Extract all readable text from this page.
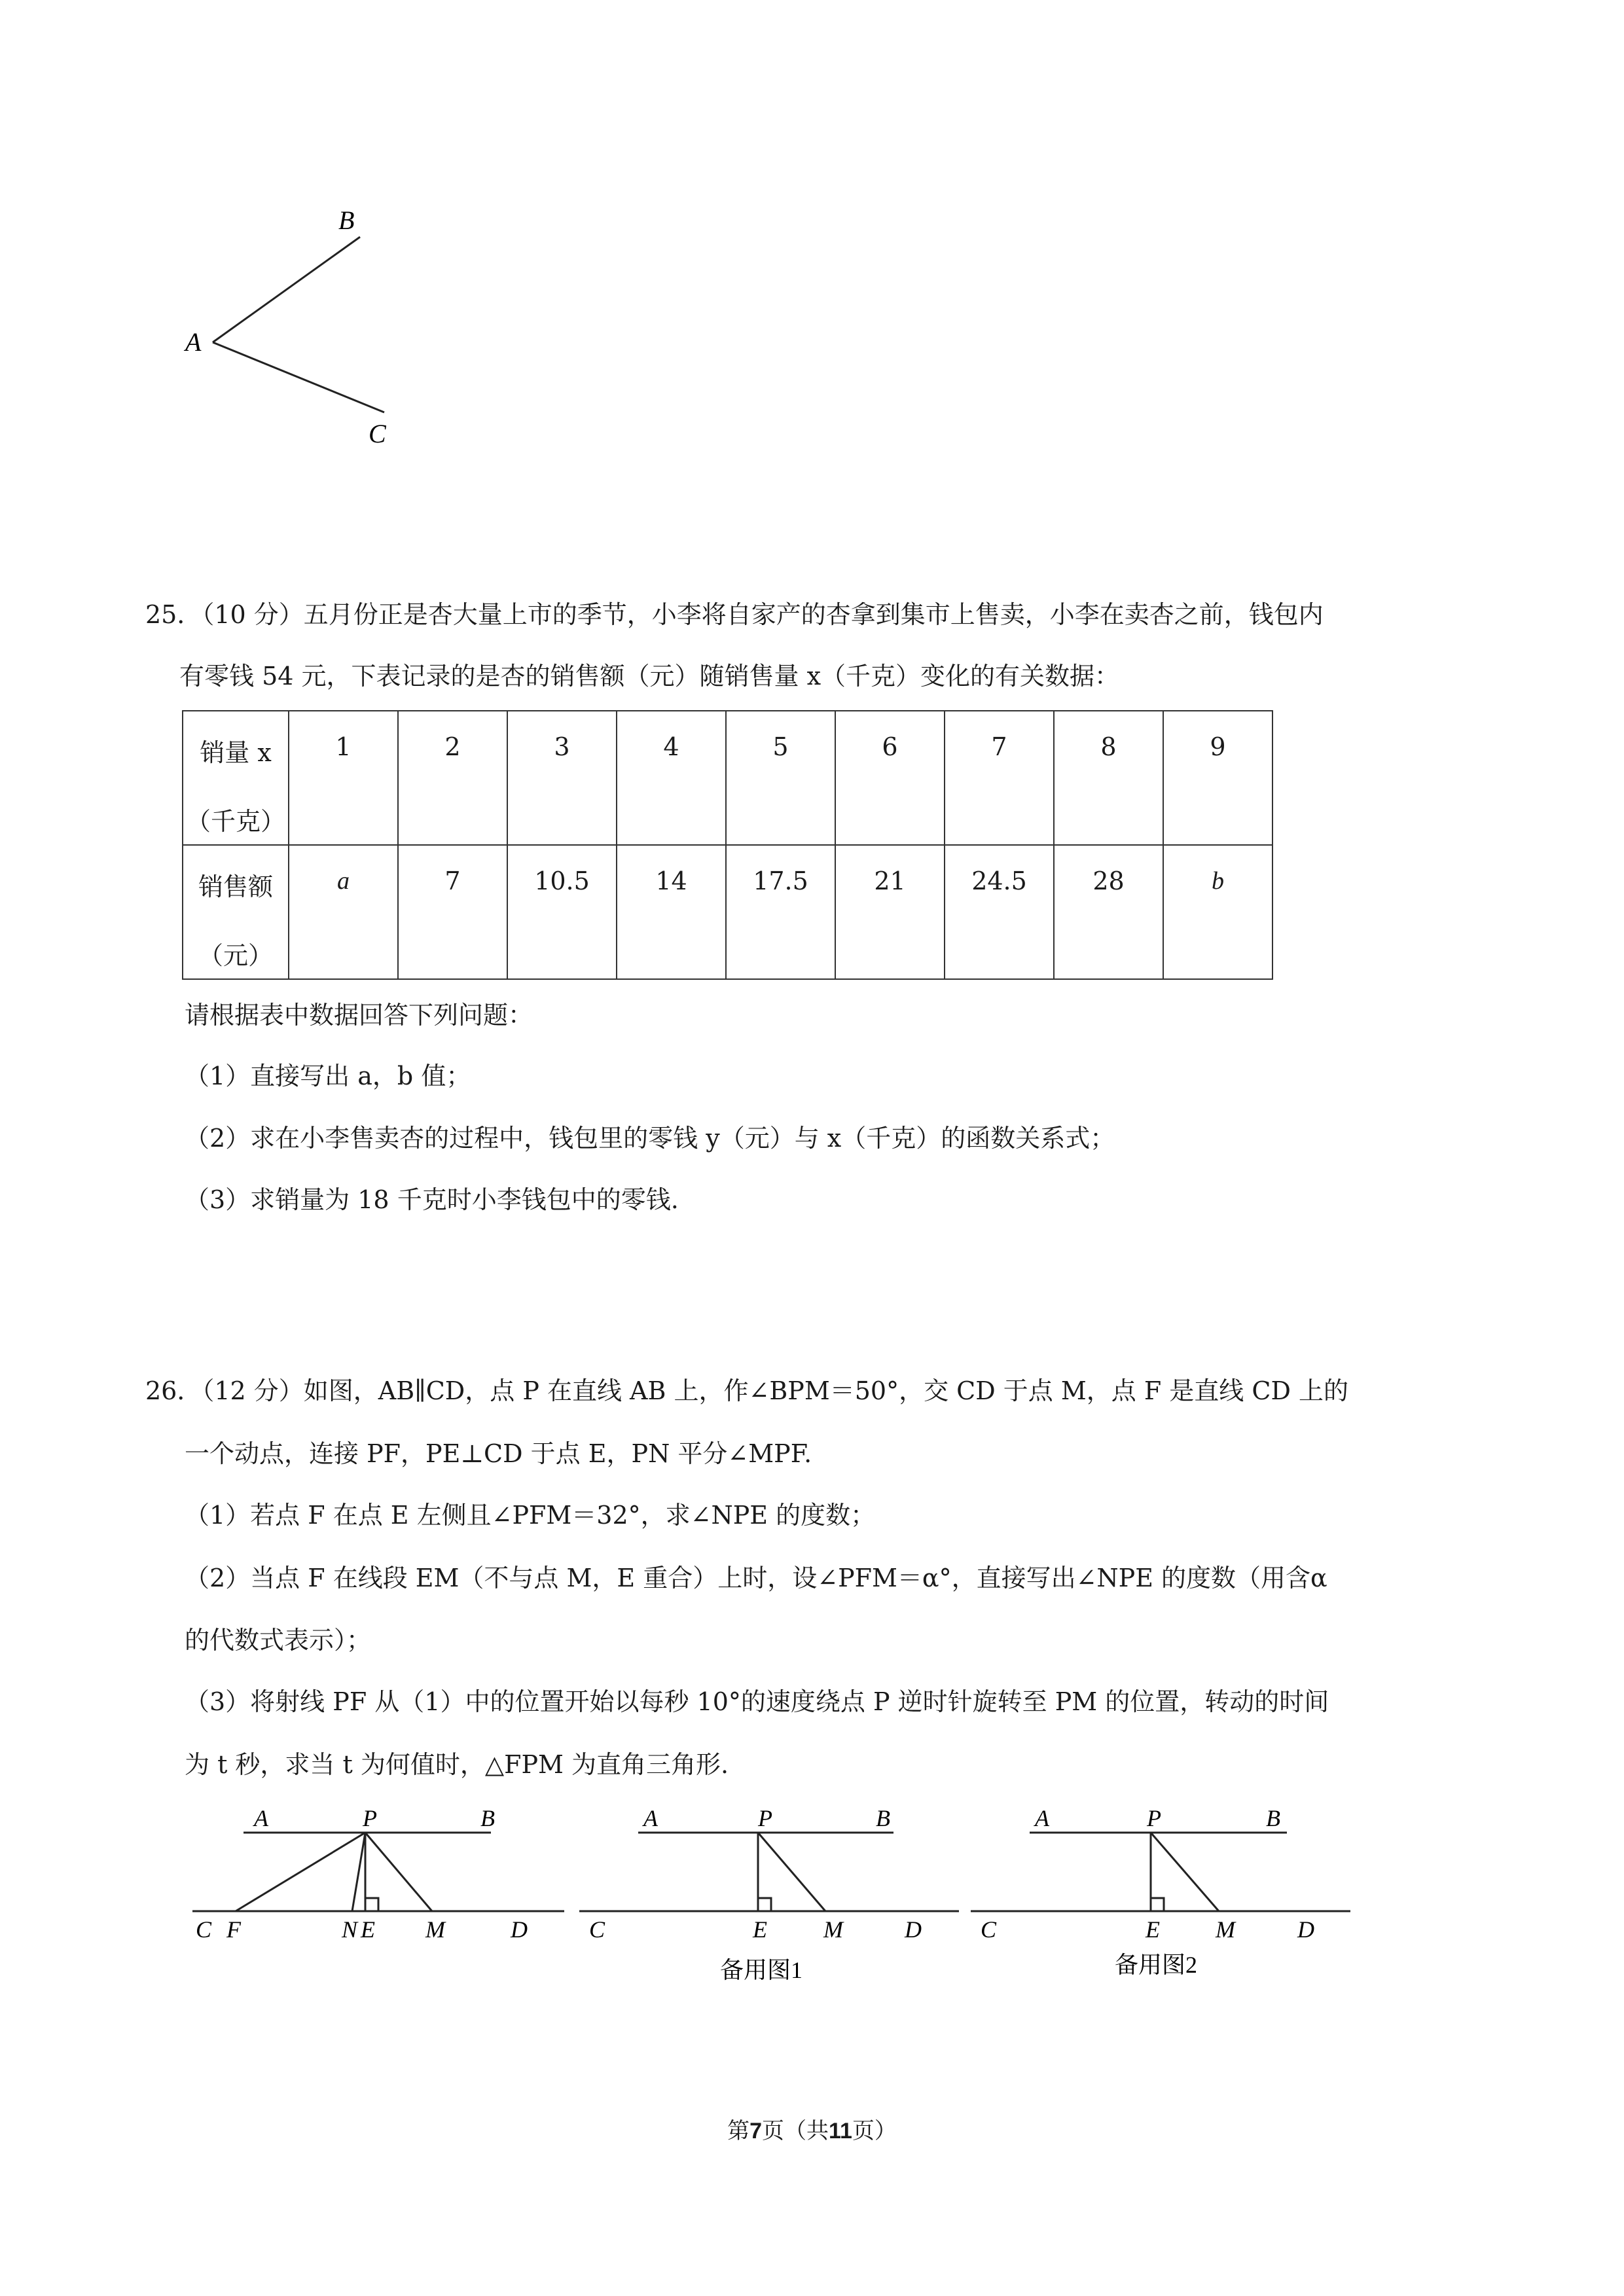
B
A
C
25．（10 分）五月份正是杏大量上市的季节，小李将自家产的杏拿到集市上售卖，小李在卖杏之前，钱包内
有零钱 54 元，下表记录的是杏的销售额（元）随销售量 x（千克）变化的有关数据：
销量 x
（千克）	1	2	3	4	5	6	7	8	9

销售额
（元）	a	7	10.5	14	17.5	21	24.5	28	b
请根据表中数据回答下列问题：
（1）直接写出 a，b 值；
（2）求在小李售卖杏的过程中，钱包里的零钱 y（元）与 x（千克）的函数关系式；
（3）求销量为 18 千克时小李钱包中的零钱.
26．（12 分）如图，AB∥CD，点 P 在直线 AB 上，作∠BPM＝50°，交 CD 于点 M，点 F 是直线 CD 上的
一个动点，连接 PF，PE⊥CD 于点 E，PN 平分∠MPF.
（1）若点 F 在点 E 左侧且∠PFM＝32°，求∠NPE 的度数；
（2）当点 F 在线段 EM（不与点 M，E 重合）上时，设∠PFM＝α°，直接写出∠NPE 的度数（用含α
的代数式表示）；
（3）将射线 PF 从（1）中的位置开始以每秒 10°的速度绕点 P 逆时针旋转至 PM 的位置，转动的时间
为 t 秒，求当 t 为何值时，△FPM 为直角三角形.
A	P	B
C F	N E M	D
A	P	B
C	E M	D
备用图1
A	P	B
C	E M	D
备用图2
第7页（共11页）
